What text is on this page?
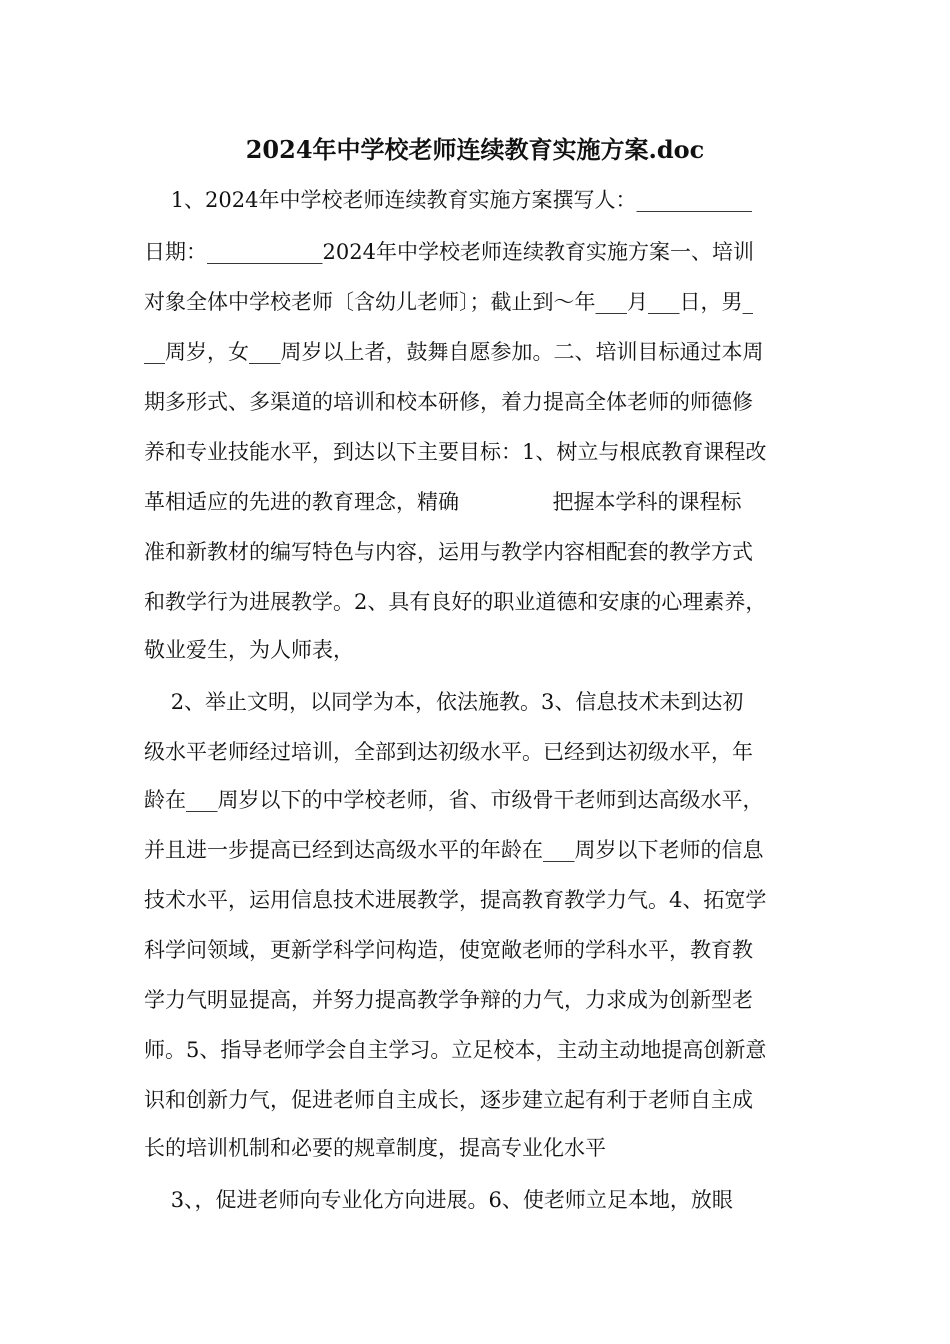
2024年中学校老师连续教育实施方案.doc
1、2024年中学校老师连续教育实施方案撰写人：___________
日期：___________2024年中学校老师连续教育实施方案一、培训
对象全体中学校老师〔含幼儿老师〕；截止到～年___月___日，男_
__周岁，女___周岁以上者，鼓舞自愿参加。二、培训目标通过本周
期多形式、多渠道的培训和校本研修，着力提高全体老师的师德修
养和专业技能水平，到达以下主要目标：1、树立与根底教育课程改
革相适应的先进的教育理念，精确              把握本学科的课程标
准和新教材的编写特色与内容，运用与教学内容相配套的教学方式
和教学行为进展教学。2、具有良好的职业道德和安康的心理素养，
敬业爱生，为人师表，
2、举止文明，以同学为本，依法施教。3、信息技术未到达初
级水平老师经过培训，全部到达初级水平。已经到达初级水平，年
龄在___周岁以下的中学校老师，省、市级骨干老师到达高级水平，
并且进一步提高已经到达高级水平的年龄在___周岁以下老师的信息
技术水平，运用信息技术进展教学，提高教育教学力气。4、拓宽学
科学问领域，更新学科学问构造，使宽敞老师的学科水平，教育教
学力气明显提高，并努力提高教学争辩的力气，力求成为创新型老
师。5、指导老师学会自主学习。立足校本，主动主动地提高创新意
识和创新力气，促进老师自主成长，逐步建立起有利于老师自主成
长的培训机制和必要的规章制度，提高专业化水平
3、，促进老师向专业化方向进展。6、使老师立足本地，放眼
